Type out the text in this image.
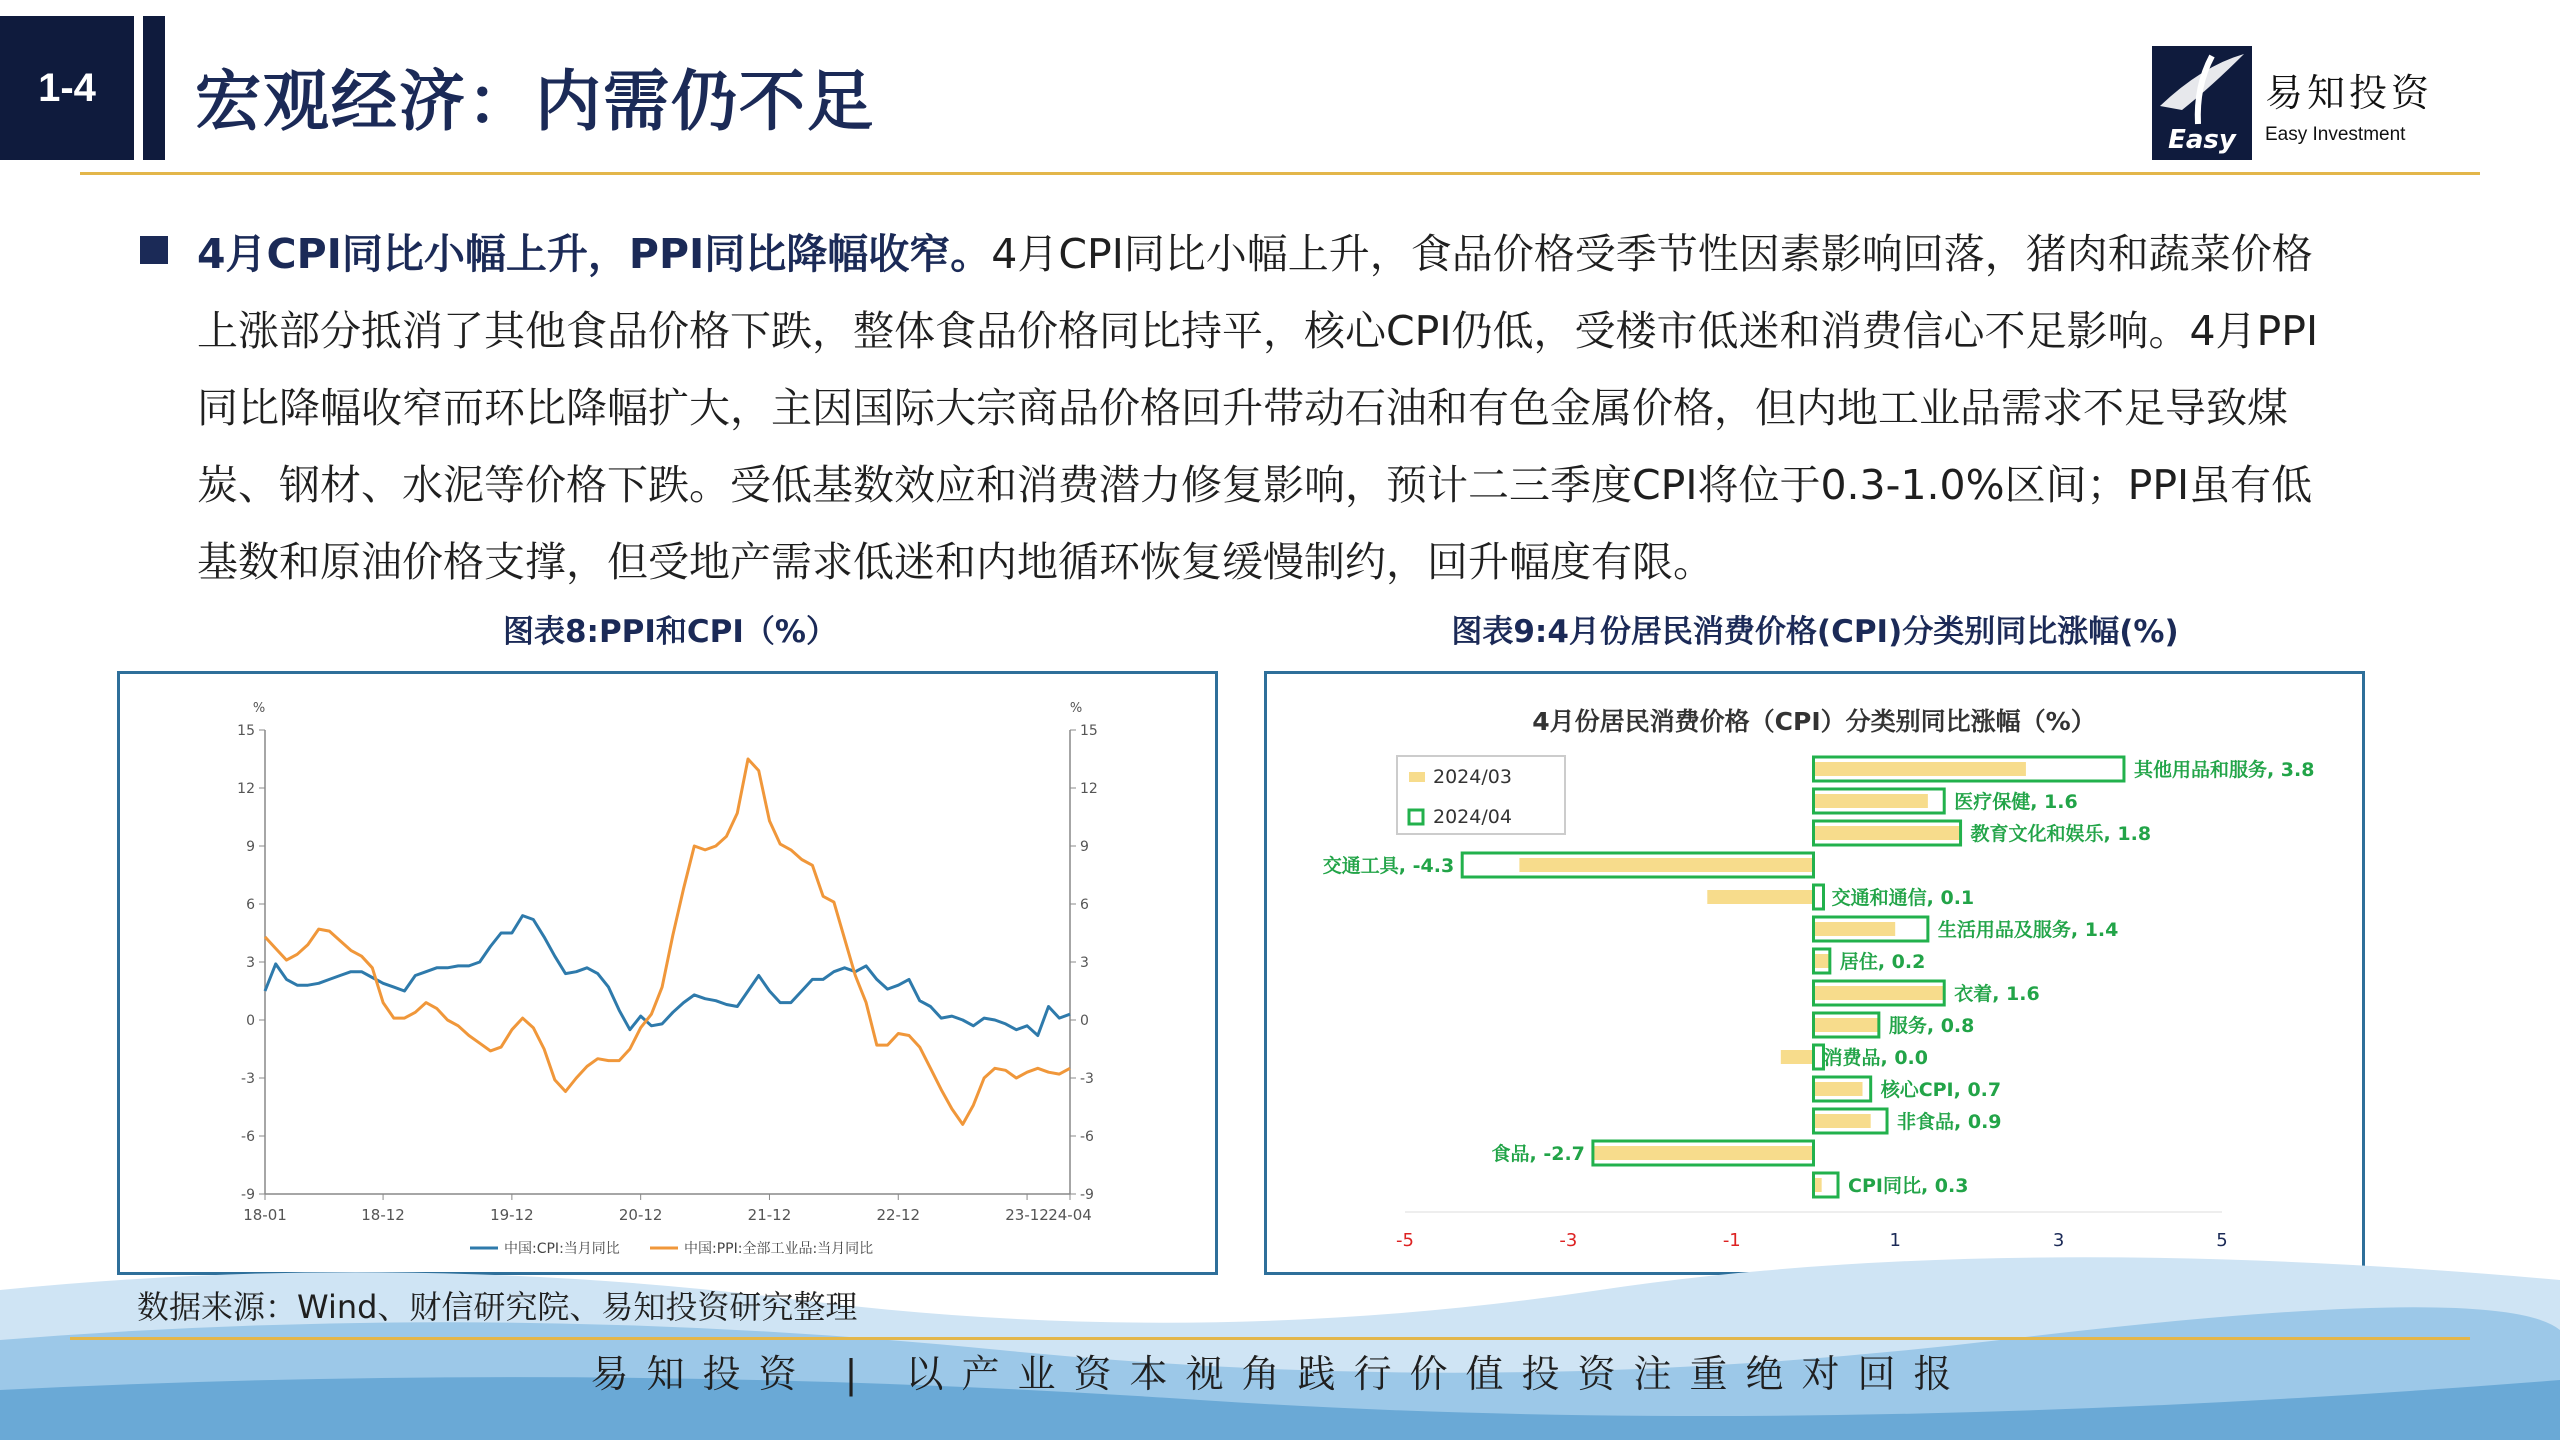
1-4	宏观经济：内需仍不足	Easy
易知投资
Easy Investment
4月CPI同比小幅上升，PPI同比降幅收窄。4月CPI同比小幅上升，食品价格受季节性因素影响回落，猪肉和蔬菜价格上涨部分抵消了其他食品价格下跌，整体食品价格同比持平，核心CPI仍低，受楼市低迷和消费信心不足影响。4月PPI同比降幅收窄而环比降幅扩大，主因国际大宗商品价格回升带动石油和有色金属价格，但内地工业品需求不足导致煤炭、钢材、水泥等价格下跌。受低基数效应和消费潜力修复影响，预计二三季度CPI将位于0.3-1.0%区间；PPI虽有低基数和原油价格支撑，但受地产需求低迷和内地循环恢复缓慢制约，回升幅度有限。
图表8:PPI和CPI（%）
%	%
15	15
12	12
9	9
6	6
3	3
0	0
-3	-3
-6	-6
-9	-9
18-01	18-12	19-12	20-12	21-12	22-12	23-12 24-04
中国:CPI:当月同比	中国:PPI:全部工业品:当月同比
图表9:4月份居民消费价格(CPI)分类别同比涨幅(%)
4月份居民消费价格（CPI）分类别同比涨幅（%）
-5	-3	-1	1	3	5
其他用品和服务, 3.8
医疗保健, 1.6
教育文化和娱乐, 1.8
交通工具, -4.3
交通和通信, 0.1
生活用品及服务, 1.4
居住, 0.2
衣着, 1.6
服务, 0.8
消费品, 0.0
核心CPI, 0.7
非食品, 0.9
食品, -2.7
CPI同比, 0.3
2024/03
2024/04
数据来源：Wind、财信研究院、易知投资研究整理
易知投资 | 以产业资本视角践行价值投资注重绝对回报
